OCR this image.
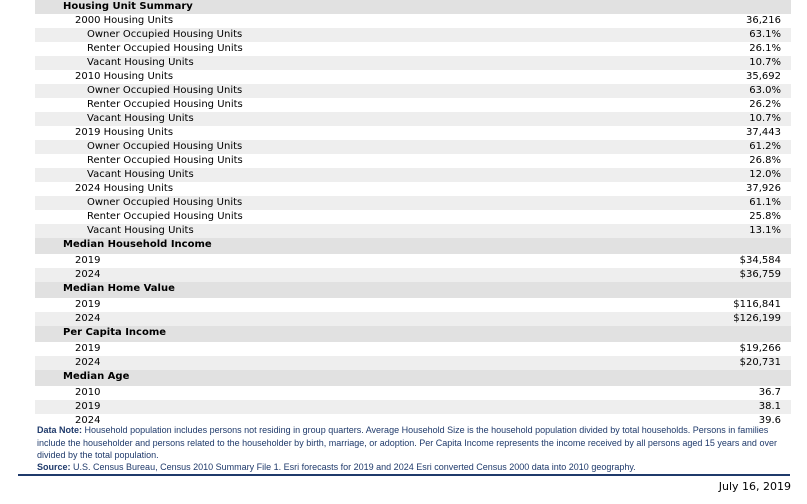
Housing Unit Summary
2000 Housing Units	36,216
Owner Occupied Housing Units	63.1%
Renter Occupied Housing Units	26.1%
Vacant Housing Units	10.7%
2010 Housing Units	35,692
Owner Occupied Housing Units	63.0%
Renter Occupied Housing Units	26.2%
Vacant Housing Units	10.7%
2019 Housing Units	37,443
Owner Occupied Housing Units	61.2%
Renter Occupied Housing Units	26.8%
Vacant Housing Units	12.0%
2024 Housing Units	37,926
Owner Occupied Housing Units	61.1%
Renter Occupied Housing Units	25.8%
Vacant Housing Units	13.1%
Median Household Income
2019	$34,584
2024	$36,759
Median Home Value
2019	$116,841
2024	$126,199
Per Capita Income
2019	$19,266
2024	$20,731
Median Age
2010	36.7
2019	38.1
2024	39.6
Data Note: Household population includes persons not residing in group quarters. Average Household Size is the household population divided by total households. Persons in families include the householder and persons related to the householder by birth, marriage, or adoption. Per Capita Income represents the income received by all persons aged 15 years and over divided by the total population.
Source: U.S. Census Bureau, Census 2010 Summary File 1. Esri forecasts for 2019 and 2024 Esri converted Census 2000 data into 2010 geography.
July 16, 2019
